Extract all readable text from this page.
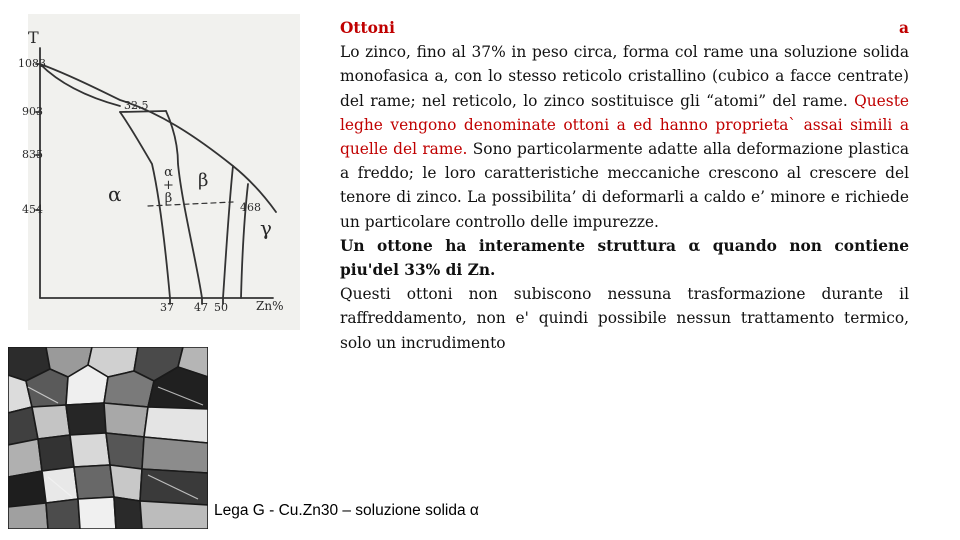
T
1083
903
835
454
32.5
468
α
α
+
β
β
γ
37 47 50 Zn%
Lega G - Cu.Zn30 – soluzione solida α
Ottoni	a

Lo zinco, fino al 37% in peso circa, forma col rame una soluzione solida monofasica a, con lo stesso reticolo cristallino (cubico a facce centrate) del rame; nel reticolo, lo zinco sostituisce gli “atomi” del rame. Queste leghe vengono denominate ottoni a ed hanno proprieta` assai simili a quelle del rame. Sono particolarmente adatte alla deformazione plastica a freddo; le loro caratteristiche meccaniche crescono al crescere del tenore di zinco. La possibilita’ di deformarli a caldo e’ minore e richiede un particolare controllo delle impurezze.

Un ottone ha interamente struttura α quando non contiene piu'del 33% di Zn.

Questi ottoni non subiscono nessuna trasformazione durante il raffreddamento, non e' quindi possibile nessun trattamento termico, solo un incrudimento
